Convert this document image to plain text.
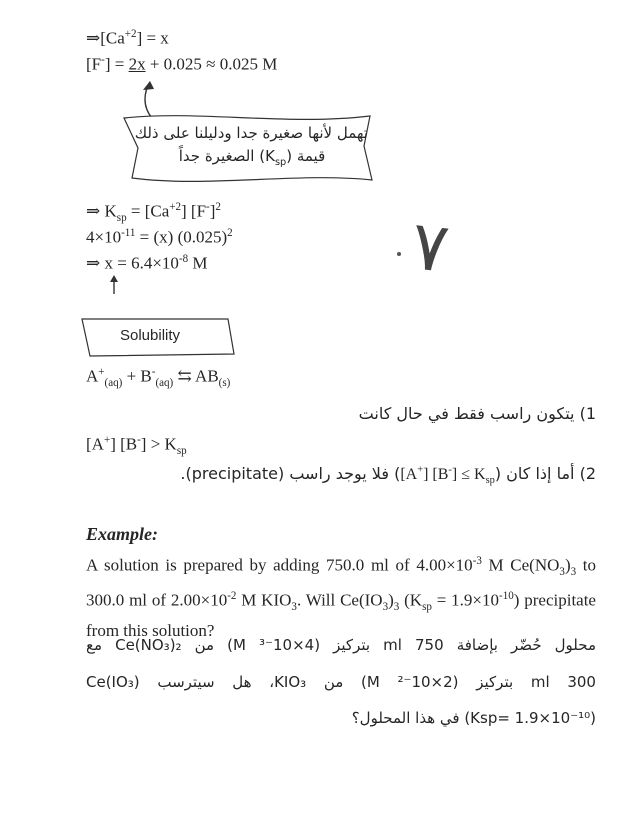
$\Rightarrow[Ca^{+2}] = x$
[F-] = 2x + 0.025 ≈ 0.025 M
تهمل لأنها صغيرة جدا ودليلنا على ذلك
قيمة $(K_{sp})$ الصغيرة جداً
⇒ $K_{sp} = [Ca^{+2}]$ $[F^-]^2$
$4\times 10^{-11} = (x)$ $(0.025)^2$
⇒ $x = 6.4\times 10^{-8}$ M	٧
Solubility
$A^+_{(aq)} + B^-_{(aq)}$ ⇆ $AB_{(s)}$
1) يتكون راسب فقط في حال كانت
[A+] $[B^-] > K_{sp}$
2) أما إذا كان ([A+] $[B^-] \le K_{sp}$) فلا يوجد راسب (precipitate).
Example:
A solution is prepared by adding 750.0 ml of $4.00\times 10^{-3}$ M $Ce(NO_3)_3$ to 300.0 ml of $2.00\times 10^{-2}$ M $KIO_3$. Will $Ce(IO_3)_3$ $(K_{sp} = 1.9\times 10^{-10})$ precipitate from this solution?
محلول حُضّر بإضافة 750 ml بتركيز (4×10⁻³ M) من Ce(NO₃)₂ مع
300 ml بتركيز (2×10⁻² M) من KIO₃، هل سيترسب Ce(IO₃)
(Ksp= 1.9×10⁻¹⁰) في هذا المحلول؟
